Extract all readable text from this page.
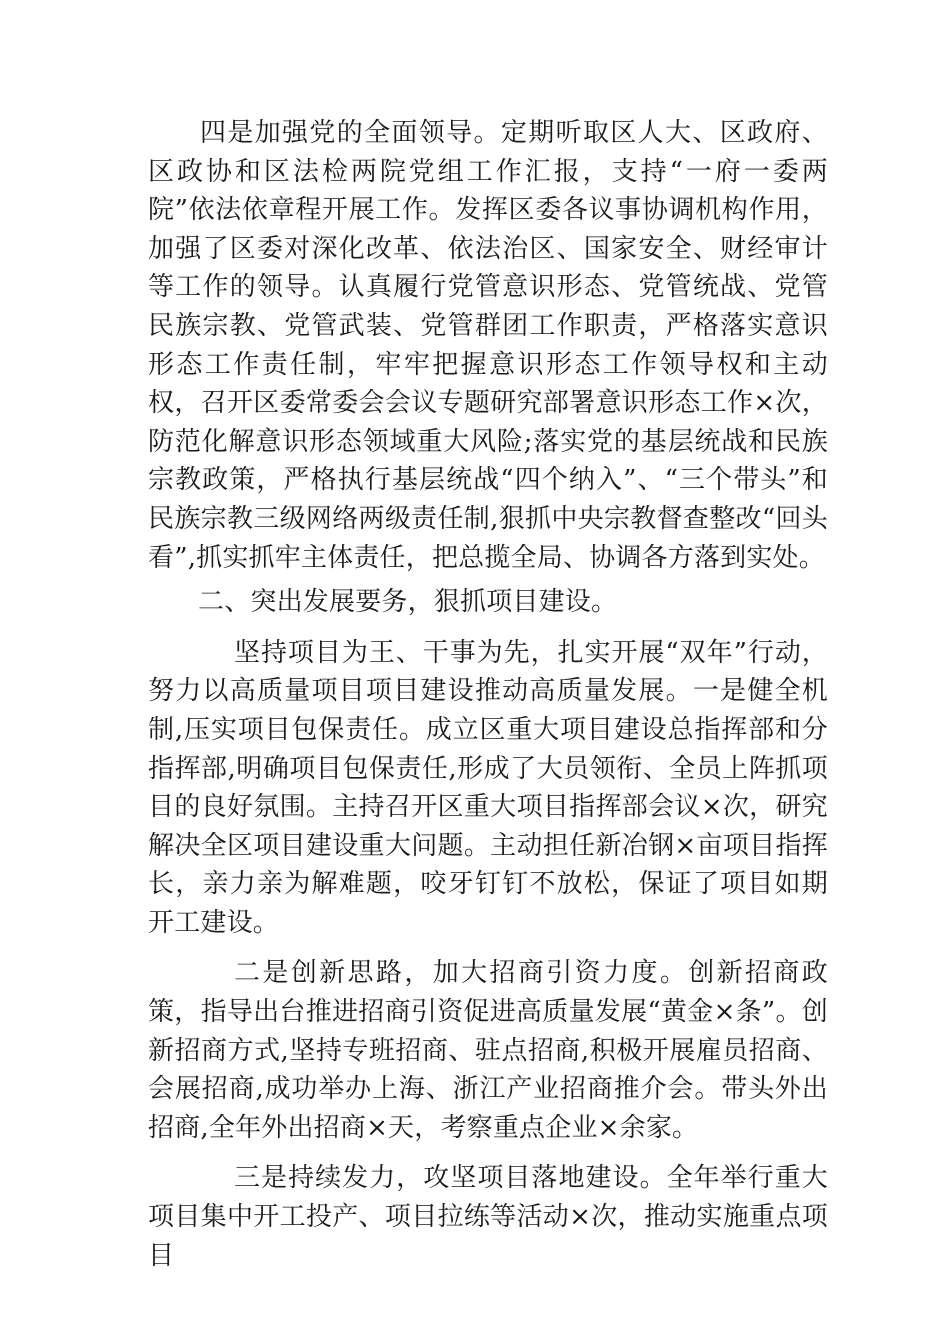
四是加强党的全面领导。定期听取区人大、区政府、区政协和区法检两院党组工作汇报，支持“一府一委两院”依法依章程开展工作。发挥区委各议事协调机构作用，加强了区委对深化改革、依法治区、国家安全、财经审计等工作的领导。认真履行党管意识形态、党管统战、党管民族宗教、党管武装、党管群团工作职责，严格落实意识形态工作责任制，牢牢把握意识形态工作领导权和主动权，召开区委常委会会议专题研究部署意识形态工作×次，防范化解意识形态领域重大风险;落实党的基层统战和民族宗教政策，严格执行基层统战“四个纳入”、“三个带头”和民族宗教三级网络两级责任制,狠抓中央宗教督查整改“回头看”,抓实抓牢主体责任，把总揽全局、协调各方落到实处。

二、突出发展要务，狠抓项目建设。

坚持项目为王、干事为先，扎实开展“双年”行动，努力以高质量项目项目建设推动高质量发展。一是健全机制,压实项目包保责任。成立区重大项目建设总指挥部和分指挥部,明确项目包保责任,形成了大员领衔、全员上阵抓项目的良好氛围。主持召开区重大项目指挥部会议×次，研究解决全区项目建设重大问题。主动担任新冶钢×亩项目指挥长，亲力亲为解难题，咬牙钉钉不放松，保证了项目如期开工建设。

二是创新思路，加大招商引资力度。创新招商政策，指导出台推进招商引资促进高质量发展“黄金×条”。创新招商方式,坚持专班招商、驻点招商,积极开展雇员招商、会展招商,成功举办上海、浙江产业招商推介会。带头外出招商,全年外出招商×天，考察重点企业×余家。

三是持续发力，攻坚项目落地建设。全年举行重大项目集中开工投产、项目拉练等活动×次，推动实施重点项目
